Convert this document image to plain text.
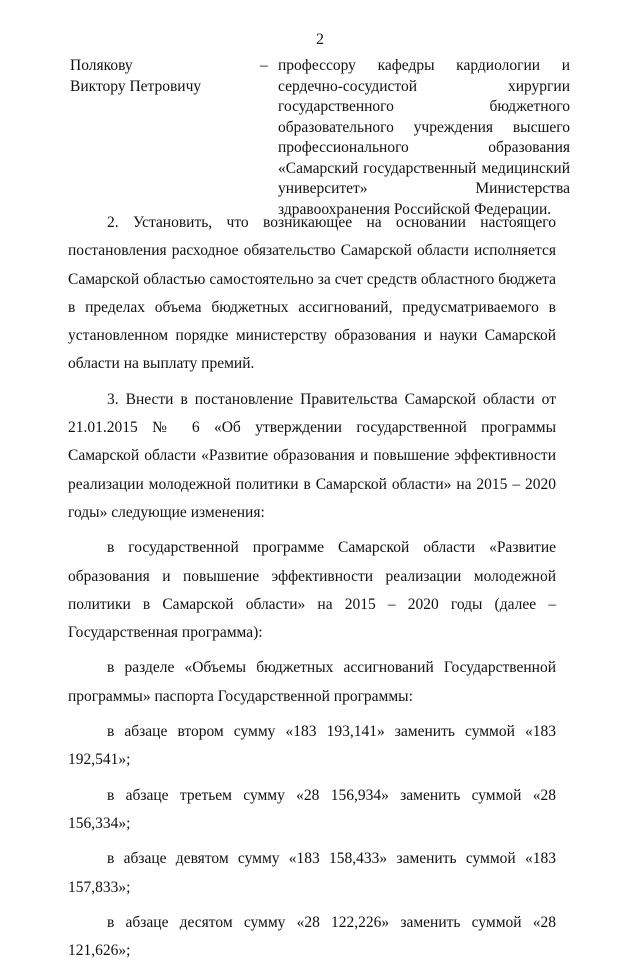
2
Полякову
Виктору Петровичу
– профессору кафедры кардиологии и сердечно-сосудистой хирургии государственного бюджетного образовательного учреждения высшего профессионального образования «Самарский государственный медицинский университет» Министерства здравоохранения Российской Федерации.

2. Установить, что возникающее на основании настоящего постановления расходное обязательство Самарской области исполняется Самарской областью самостоятельно за счет средств областного бюджета в пределах объема бюджетных ассигнований, предусматриваемого в установленном порядке министерству образования и науки Самарской области на выплату премий.

3. Внести в постановление Правительства Самарской области от 21.01.2015 № 6 «Об утверждении государственной программы Самарской области «Развитие образования и повышение эффективности реализации молодежной политики в Самарской области» на 2015 – 2020 годы» следующие изменения:

в государственной программе Самарской области «Развитие образования и повышение эффективности реализации молодежной политики в Самарской области» на 2015 – 2020 годы (далее – Государственная программа):

в разделе «Объемы бюджетных ассигнований Государственной программы» паспорта Государственной программы:

в абзаце втором сумму «183 193,141» заменить суммой «183 192,541»;

в абзаце третьем сумму «28 156,934» заменить суммой «28 156,334»;

в абзаце девятом сумму «183 158,433» заменить суммой «183 157,833»;

в абзаце десятом сумму «28 122,226» заменить суммой «28 121,626»;
